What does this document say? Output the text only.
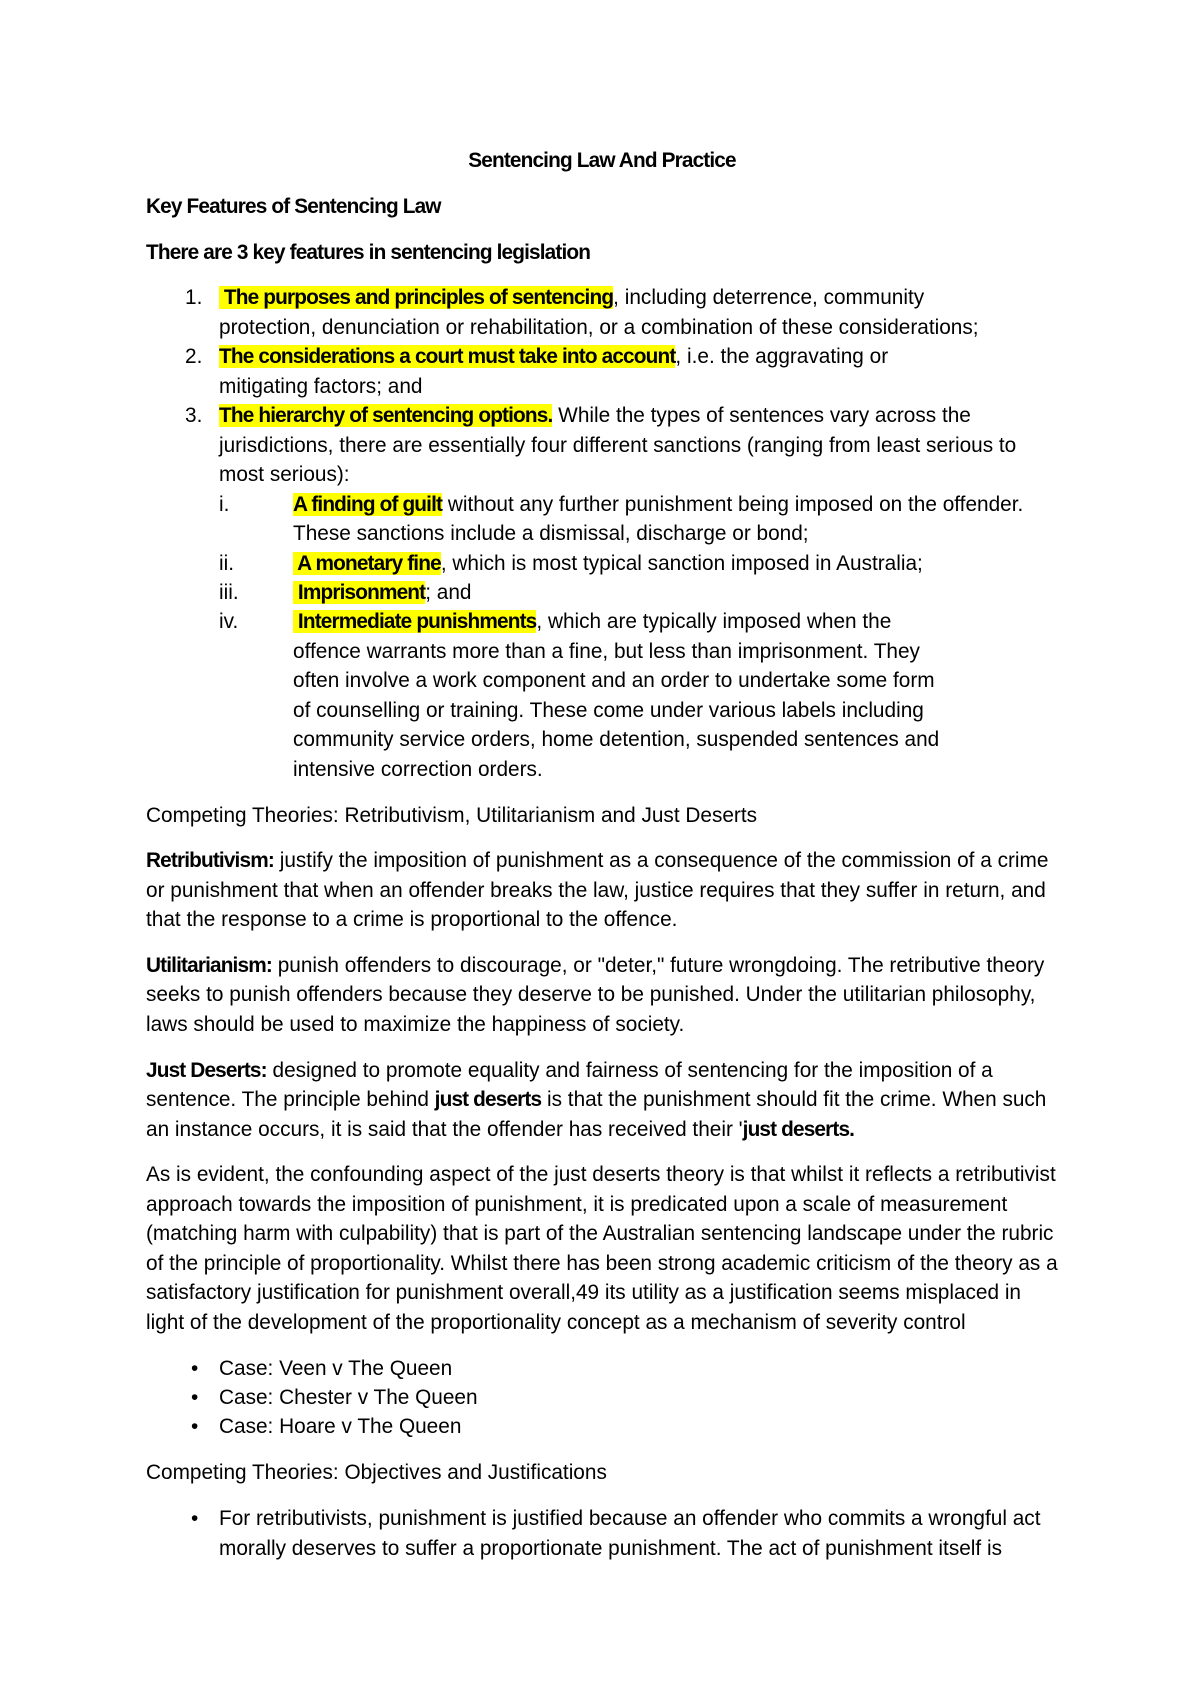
Sentencing Law And Practice
Key Features of Sentencing Law
There are 3 key features in sentencing legislation
1. The purposes and principles of sentencing, including deterrence, community
protection, denunciation or rehabilitation, or a combination of these considerations;
2. The considerations a court must take into account, i.e. the aggravating or
mitigating factors; and
3. The hierarchy of sentencing options. While the types of sentences vary across the
jurisdictions, there are essentially four different sanctions (ranging from least serious to
most serious):
i.	A finding of guilt without any further punishment being imposed on the offender.
These sanctions include a dismissal, discharge or bond;
ii.	A monetary fine, which is most typical sanction imposed in Australia;
iii.	Imprisonment; and
iv.	Intermediate punishments, which are typically imposed when the
offence warrants more than a fine, but less than imprisonment. They
often involve a work component and an order to undertake some form
of counselling or training. These come under various labels including
community service orders, home detention, suspended sentences and
intensive correction orders.
Competing Theories: Retributivism, Utilitarianism and Just Deserts
Retributivism: justify the imposition of punishment as a consequence of the commission of a crime
or punishment that when an offender breaks the law, justice requires that they suffer in return, and
that the response to a crime is proportional to the offence.
Utilitarianism: punish offenders to discourage, or "deter," future wrongdoing. The retributive theory
seeks to punish offenders because they deserve to be punished. Under the utilitarian philosophy,
laws should be used to maximize the happiness of society.
Just Deserts: designed to promote equality and fairness of sentencing for the imposition of a
sentence. The principle behind just deserts is that the punishment should fit the crime. When such
an instance occurs, it is said that the offender has received their 'just deserts.
As is evident, the confounding aspect of the just deserts theory is that whilst it reflects a retributivist
approach towards the imposition of punishment, it is predicated upon a scale of measurement
(matching harm with culpability) that is part of the Australian sentencing landscape under the rubric
of the principle of proportionality. Whilst there has been strong academic criticism of the theory as a
satisfactory justification for punishment overall,49 its utility as a justification seems misplaced in
light of the development of the proportionality concept as a mechanism of severity control
• Case: Veen v The Queen
• Case: Chester v The Queen
• Case: Hoare v The Queen
Competing Theories: Objectives and Justifications
• For retributivists, punishment is justified because an offender who commits a wrongful act
morally deserves to suffer a proportionate punishment. The act of punishment itself is
